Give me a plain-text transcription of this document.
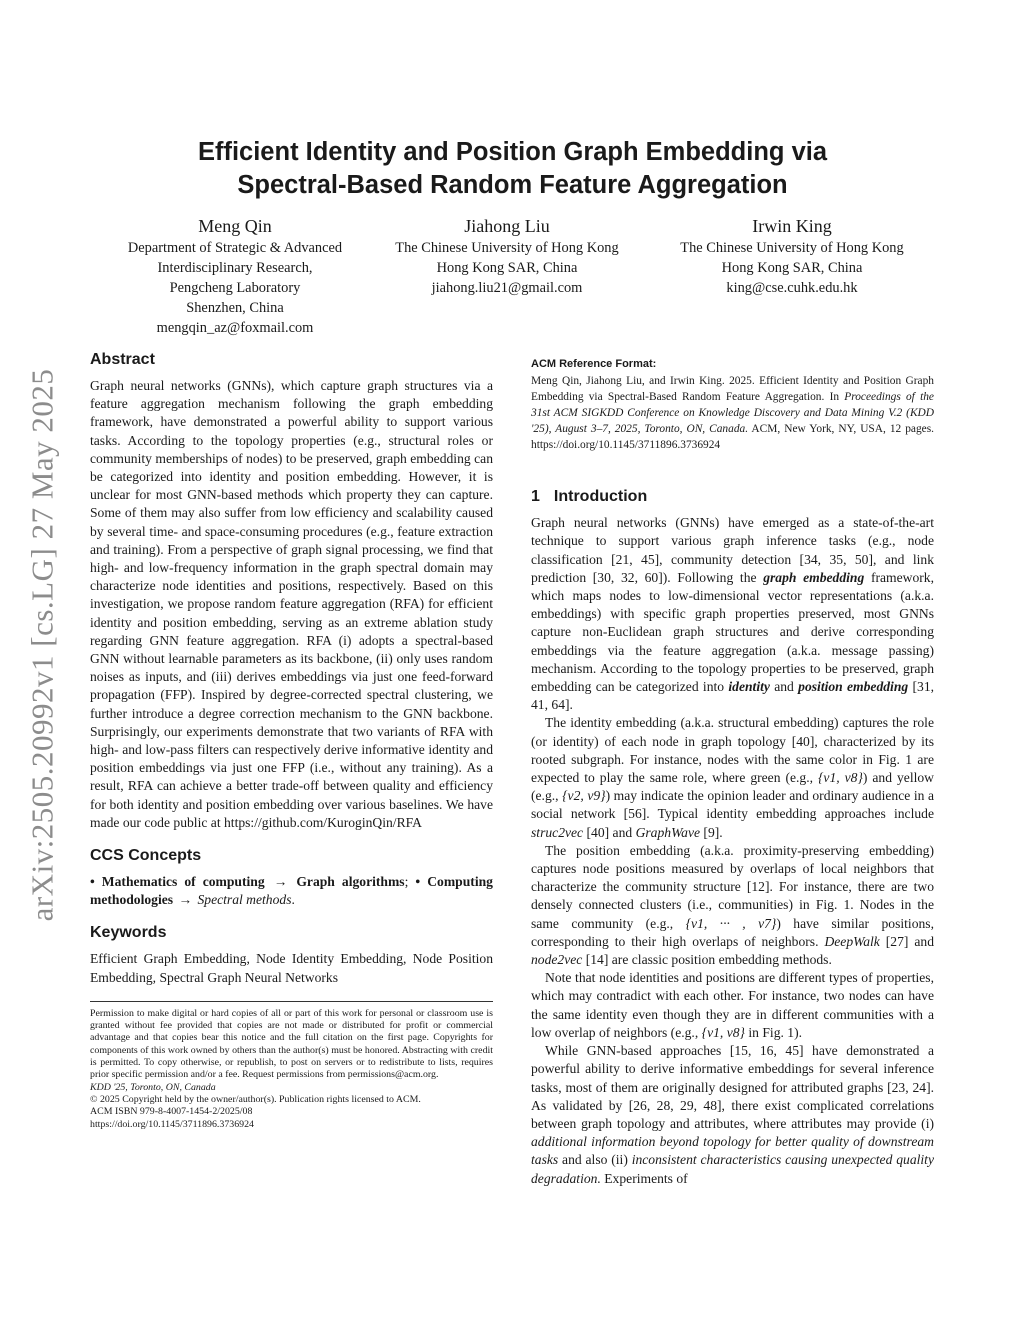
arXiv:2505.20992v1 [cs.LG] 27 May 2025
Efficient Identity and Position Graph Embedding via
Spectral-Based Random Feature Aggregation
Meng Qin
Department of Strategic & Advanced
Interdisciplinary Research,
Pengcheng Laboratory
Shenzhen, China
mengqin_az@foxmail.com
Jiahong Liu
The Chinese University of Hong Kong
Hong Kong SAR, China
jiahong.liu21@gmail.com
Irwin King
The Chinese University of Hong Kong
Hong Kong SAR, China
king@cse.cuhk.edu.hk
Abstract

Graph neural networks (GNNs), which capture graph structures via a feature aggregation mechanism following the graph embedding framework, have demonstrated a powerful ability to support various tasks. According to the topology properties (e.g., structural roles or community memberships of nodes) to be preserved, graph embedding can be categorized into identity and position embedding. However, it is unclear for most GNN-based methods which property they can capture. Some of them may also suffer from low efficiency and scalability caused by several time- and space-consuming procedures (e.g., feature extraction and training). From a perspective of graph signal processing, we find that high- and low-frequency information in the graph spectral domain may characterize node identities and positions, respectively. Based on this investigation, we propose random feature aggregation (RFA) for efficient identity and position embedding, serving as an extreme ablation study regarding GNN feature aggregation. RFA (i) adopts a spectral-based GNN without learnable parameters as its backbone, (ii) only uses random noises as inputs, and (iii) derives embeddings via just one feed-forward propagation (FFP). Inspired by degree-corrected spectral clustering, we further introduce a degree correction mechanism to the GNN backbone. Surprisingly, our experiments demonstrate that two variants of RFA with high- and low-pass filters can respectively derive informative identity and position embeddings via just one FFP (i.e., without any training). As a result, RFA can achieve a better trade-off between quality and efficiency for both identity and position embedding over various baselines. We have made our code public at https://github.com/KuroginQin/RFA

CCS Concepts

• Mathematics of computing → Graph algorithms; • Computing methodologies → Spectral methods.

Keywords

Efficient Graph Embedding, Node Identity Embedding, Node Position Embedding, Spectral Graph Neural Networks

Permission to make digital or hard copies of all or part of this work for personal or classroom use is granted without fee provided that copies are not made or distributed for profit or commercial advantage and that copies bear this notice and the full citation on the first page. Copyrights for components of this work owned by others than the author(s) must be honored. Abstracting with credit is permitted. To copy otherwise, or republish, to post on servers or to redistribute to lists, requires prior specific permission and/or a fee. Request permissions from permissions@acm.org.
KDD '25, Toronto, ON, Canada
© 2025 Copyright held by the owner/author(s). Publication rights licensed to ACM.
ACM ISBN 979-8-4007-1454-2/2025/08
https://doi.org/10.1145/3711896.3736924
ACM Reference Format:

Meng Qin, Jiahong Liu, and Irwin King. 2025. Efficient Identity and Position Graph Embedding via Spectral-Based Random Feature Aggregation. In Proceedings of the 31st ACM SIGKDD Conference on Knowledge Discovery and Data Mining V.2 (KDD '25), August 3–7, 2025, Toronto, ON, Canada. ACM, New York, NY, USA, 12 pages. https://doi.org/10.1145/3711896.3736924

1 Introduction

Graph neural networks (GNNs) have emerged as a state-of-the-art technique to support various graph inference tasks (e.g., node classification [21, 45], community detection [34, 35, 50], and link prediction [30, 32, 60]). Following the graph embedding framework, which maps nodes to low-dimensional vector representations (a.k.a. embeddings) with specific graph properties preserved, most GNNs capture non-Euclidean graph structures and derive corresponding embeddings via the feature aggregation (a.k.a. message passing) mechanism. According to the topology properties to be preserved, graph embedding can be categorized into identity and position embedding [31, 41, 64].

The identity embedding (a.k.a. structural embedding) captures the role (or identity) of each node in graph topology [40], characterized by its rooted subgraph. For instance, nodes with the same color in Fig. 1 are expected to play the same role, where green (e.g., {v1, v8}) and yellow (e.g., {v2, v9}) may indicate the opinion leader and ordinary audience in a social network [56]. Typical identity embedding approaches include struc2vec [40] and GraphWave [9].

The position embedding (a.k.a. proximity-preserving embedding) captures node positions measured by overlaps of local neighbors that characterize the community structure [12]. For instance, there are two densely connected clusters (i.e., communities) in Fig. 1. Nodes in the same community (e.g., {v1, ··· , v7}) have similar positions, corresponding to their high overlaps of neighbors. DeepWalk [27] and node2vec [14] are classic position embedding methods.

Note that node identities and positions are different types of properties, which may contradict with each other. For instance, two nodes can have the same identity even though they are in different communities with a low overlap of neighbors (e.g., {v1, v8} in Fig. 1).

While GNN-based approaches [15, 16, 45] have demonstrated a powerful ability to derive informative embeddings for several inference tasks, most of them are originally designed for attributed graphs [23, 24]. As validated by [26, 28, 29, 48], there exist complicated correlations between graph topology and attributes, where attributes may provide (i) additional information beyond topology for better quality of downstream tasks and also (ii) inconsistent characteristics causing unexpected quality degradation. Experiments of
